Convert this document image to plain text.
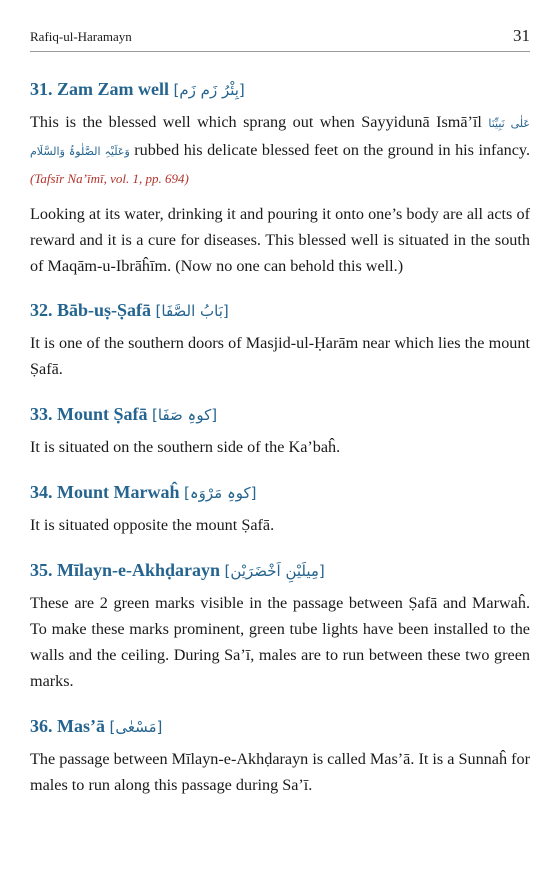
Rafiq-ul-Haramayn	31
31. Zam Zam well [بِئْرُ زَم زَم]

This is the blessed well which sprang out when Sayyidunā Ismā’īl عَلٰی نَبِیِّنَا وَعَلَیْہِ الصَّلٰوۃُ وَالسَّلَام rubbed his delicate blessed feet on the ground in his infancy. (Tafsīr Na’īmī, vol. 1, pp. 694)

Looking at its water, drinking it and pouring it onto one’s body are all acts of reward and it is a cure for diseases. This blessed well is situated in the south of Maqām-u-Ibrāĥīm. (Now no one can behold this well.)

32. Bāb-uṣ-Ṣafā [بَابُ الصَّفَا]

It is one of the southern doors of Masjid-ul-Ḥarām near which lies the mount Ṣafā.

33. Mount Ṣafā [کوہِ صَفَا]

It is situated on the southern side of the Ka’baĥ.

34. Mount Marwaĥ [کوہِ مَرْوَہ]

It is situated opposite the mount Ṣafā.

35. Mīlayn-e-Akhḍarayn [مِیلَیْنِ اَخْضَرَیْن]

These are 2 green marks visible in the passage between Ṣafā and Marwaĥ. To make these marks prominent, green tube lights have been installed to the walls and the ceiling. During Sa’ī, males are to run between these two green marks.

36. Mas’ā [مَسْعٰی]

The passage between Mīlayn-e-Akhḍarayn is called Mas’ā. It is a Sunnaĥ for males to run along this passage during Sa’ī.
